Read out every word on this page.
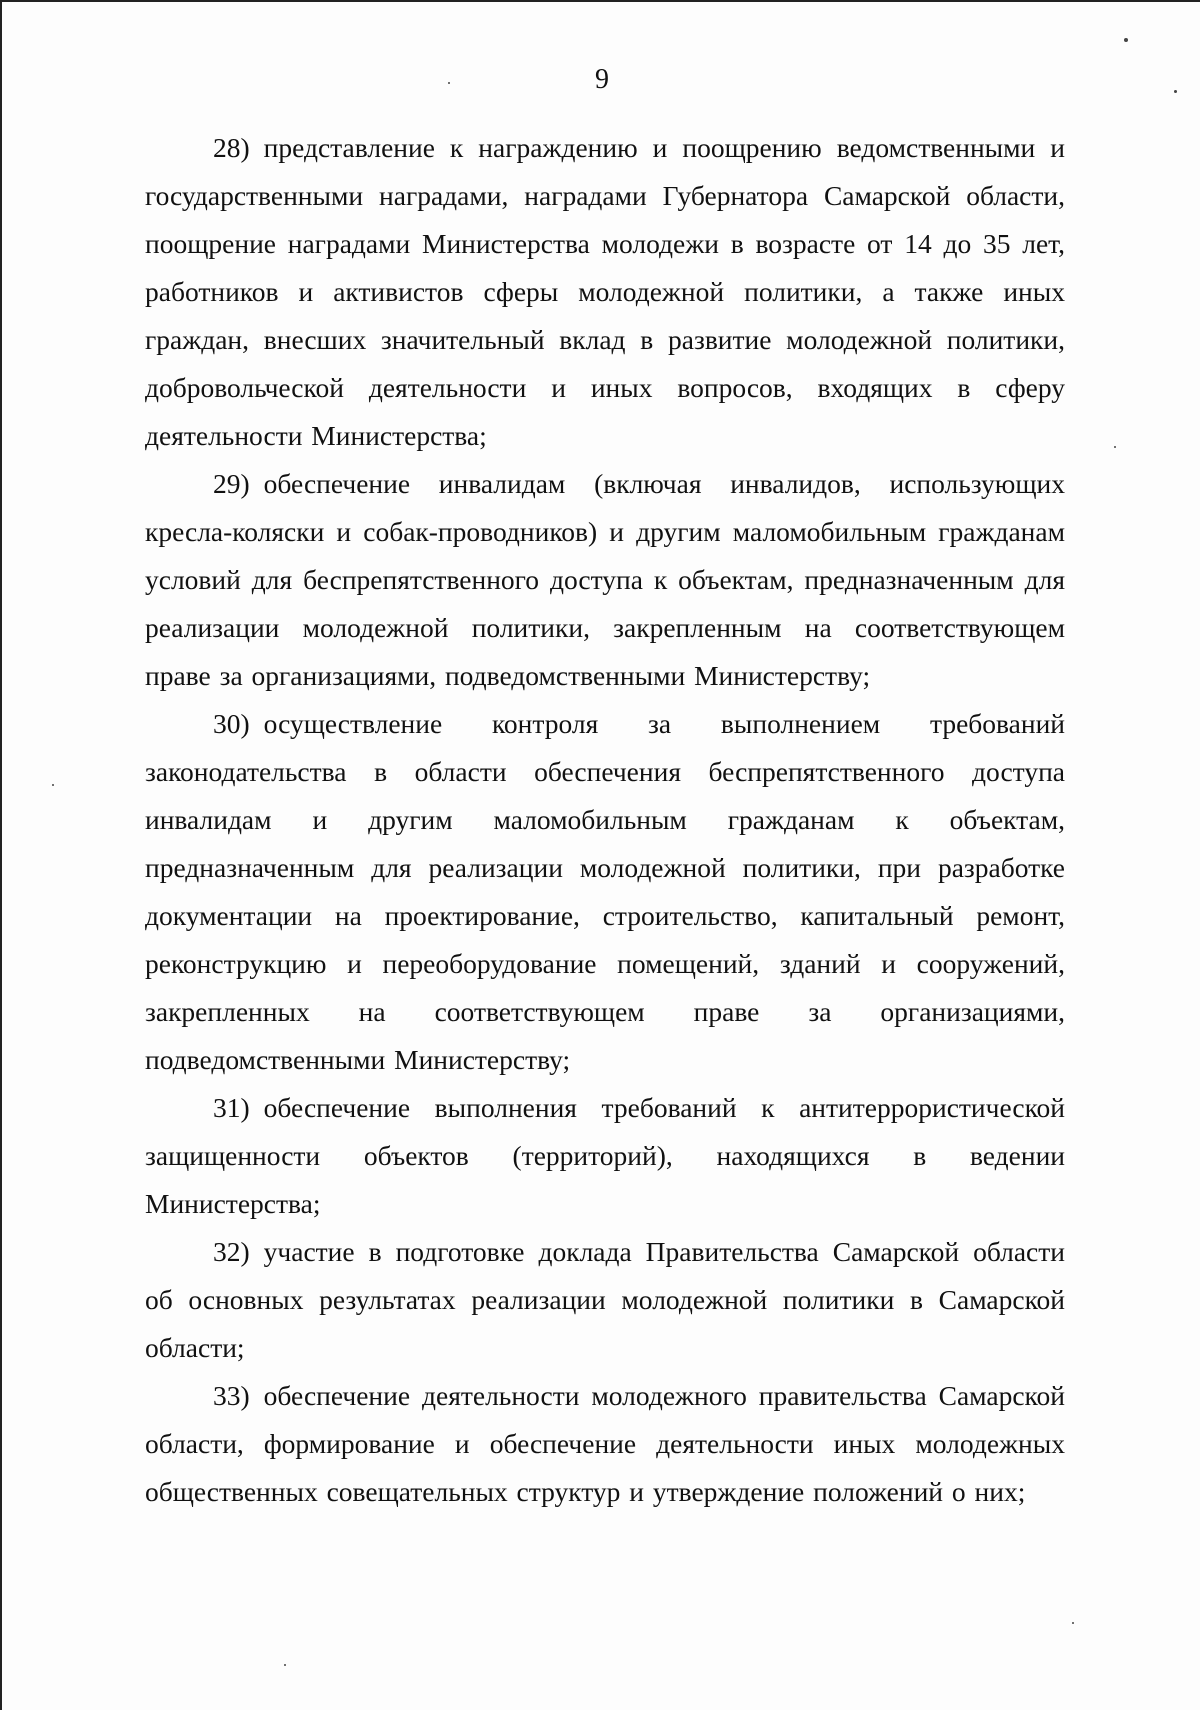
9

28) представление к награждению и поощрению ведомственными и государственными наградами, наградами Губернатора Самарской области, поощрение наградами Министерства молодежи в возрасте от 14 до 35 лет, работников и активистов сферы молодежной политики, а также иных граждан, внесших значительный вклад в развитие молодежной политики, добровольческой деятельности и иных вопросов, входящих в сферу деятельности Министерства;

29) обеспечение инвалидам (включая инвалидов, использующих кресла-коляски и собак-проводников) и другим маломобильным гражданам условий для беспрепятственного доступа к объектам, предназначенным для реализации молодежной политики, закрепленным на соответствующем праве за организациями, подведомственными Министерству;

30) осуществление контроля за выполнением требований законодательства в области обеспечения беспрепятственного доступа инвалидам и другим маломобильным гражданам к объектам, предназначенным для реализации молодежной политики, при разработке документации на проектирование, строительство, капитальный ремонт, реконструкцию и переоборудование помещений, зданий и сооружений, закрепленных на соответствующем праве за организациями, подведомственными Министерству;

31) обеспечение выполнения требований к антитеррористической защищенности объектов (территорий), находящихся в ведении Министерства;

32) участие в подготовке доклада Правительства Самарской области об основных результатах реализации молодежной политики в Самарской области;

33) обеспечение деятельности молодежного правительства Самарской области, формирование и обеспечение деятельности иных молодежных общественных совещательных структур и утверждение положений о них;
